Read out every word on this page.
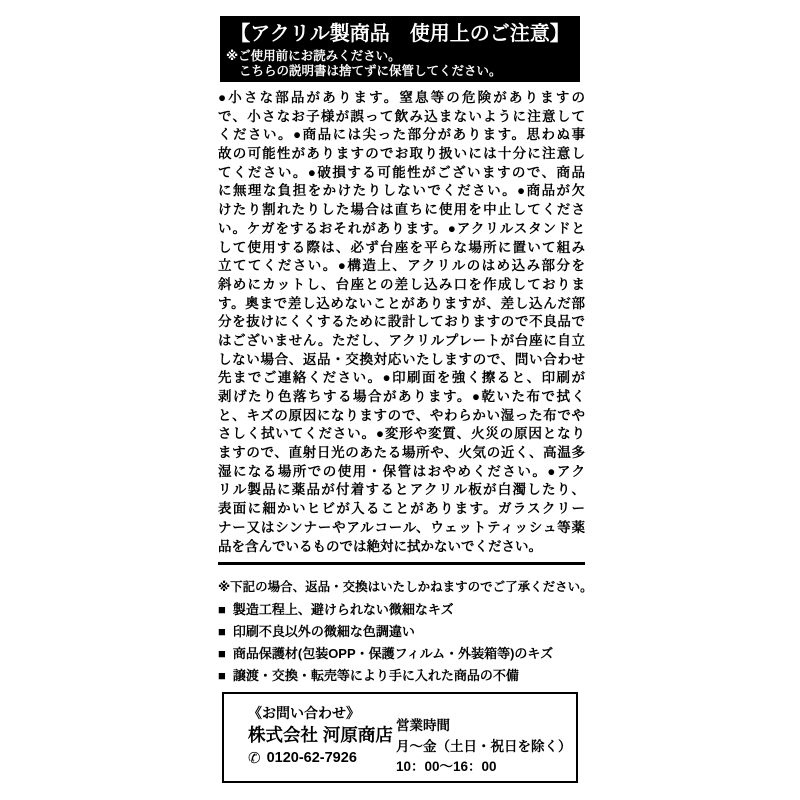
【アクリル製商品　使用上のご注意】
※ご使用前にお読みください。
こちらの説明書は捨てずに保管してください。
●小さな部品があります。窒息等の危険がありますの
で、小さなお子様が誤って飲み込まないように注意して
ください。●商品には尖った部分があります。思わぬ事
故の可能性がありますのでお取り扱いには十分に注意し
てください。●破損する可能性がございますので、商品
に無理な負担をかけたりしないでください。●商品が欠
けたり割れたりした場合は直ちに使用を中止してくださ
い。ケガをするおそれがあります。●アクリルスタンドと
して使用する際は、必ず台座を平らな場所に置いて組み
立ててください。●構造上、アクリルのはめ込み部分を
斜めにカットし、台座との差し込み口を作成しておりま
す。奥まで差し込めないことがありますが、差し込んだ部
分を抜けにくくするために設計しておりますので不良品で
はございません。ただし、アクリルプレートが台座に自立
しない場合、返品・交換対応いたしますので、問い合わせ
先までご連絡ください。●印刷面を強く擦ると、印刷が
剥げたり色落ちする場合があります。●乾いた布で拭く
と、キズの原因になりますので、やわらかい湿った布でや
さしく拭いてください。●変形や変質、火災の原因となり
ますので、直射日光のあたる場所や、火気の近く、高温多
湿になる場所での使用・保管はおやめください。●アク
リル製品に薬品が付着するとアクリル板が白濁したり、
表面に細かいヒビが入ることがあります。ガラスクリー
ナー又はシンナーやアルコール、ウェットティッシュ等薬
品を含んでいるものでは絶対に拭かないでください。
※下記の場合、返品・交換はいたしかねますのでご了承ください。
■ 製造工程上、避けられない微細なキズ
■ 印刷不良以外の微細な色調違い
■ 商品保護材(包装OPP・保護フィルム・外装箱等)のキズ
■ 譲渡・交換・転売等により手に入れた商品の不備
《お問い合わせ》
株式会社 河原商店
✆ 0120-62-7926
営業時間
月～金（土日・祝日を除く）
10：00～16：00
